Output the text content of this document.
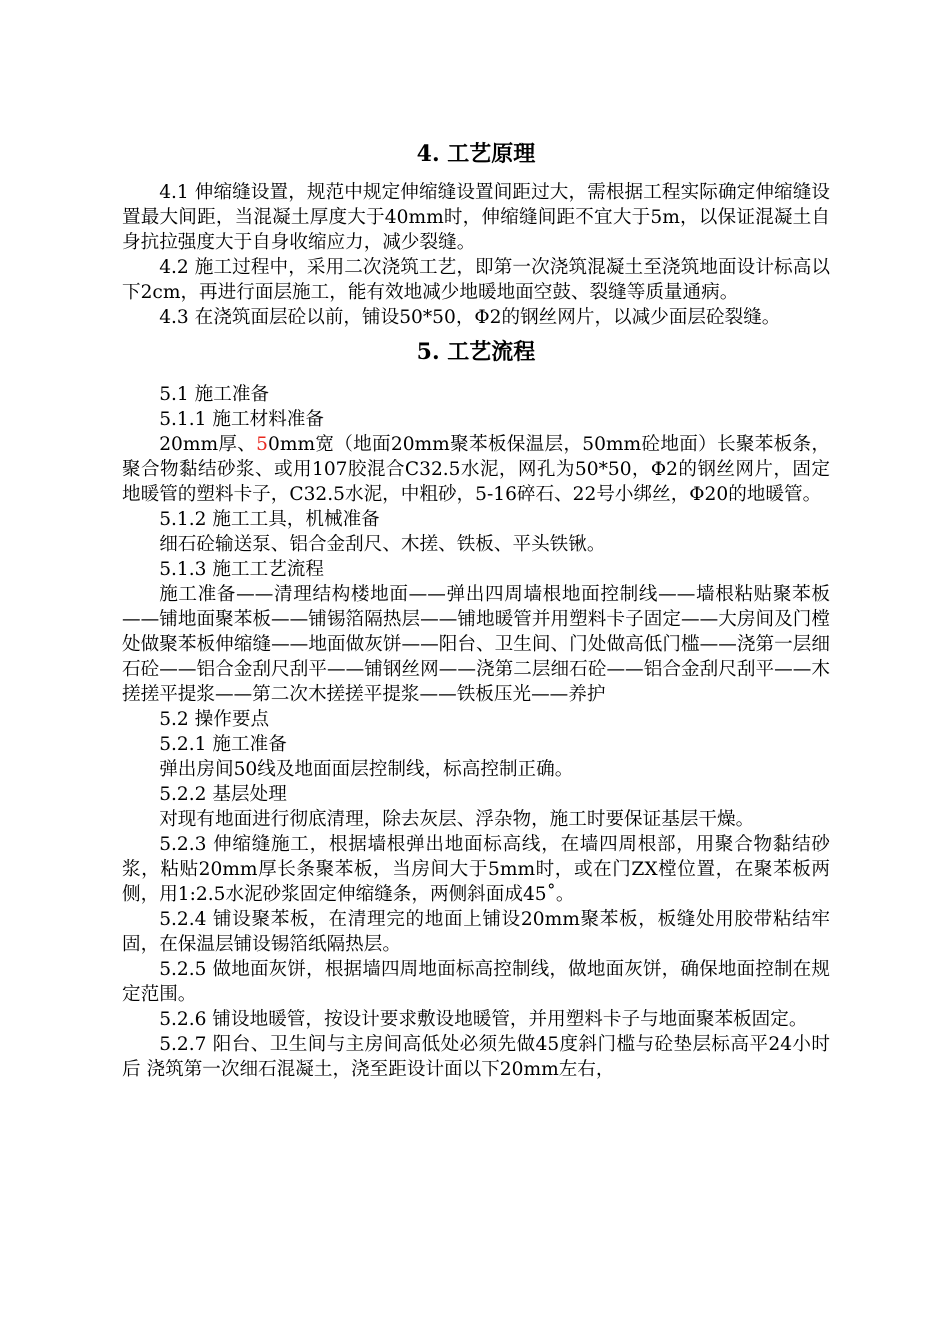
4. 工艺原理

4.1 伸缩缝设置，规范中规定伸缩缝设置间距过大，需根据工程实际确定伸缩缝设置最大间距，当混凝土厚度大于40mm时，伸缩缝间距不宜大于5m，以保证混凝土自身抗拉强度大于自身收缩应力，减少裂缝。

4.2 施工过程中，采用二次浇筑工艺，即第一次浇筑混凝土至浇筑地面设计标高以下2cm，再进行面层施工，能有效地减少地暖地面空鼓、裂缝等质量通病。

4.3 在浇筑面层砼以前，铺设50*50，Φ2的钢丝网片，以减少面层砼裂缝。

5. 工艺流程

5.1 施工准备

5.1.1 施工材料准备

20mm厚、50mm宽（地面20mm聚苯板保温层，50mm砼地面）长聚苯板条，聚合物黏结砂浆、或用107胶混合C32.5水泥，网孔为50*50，Φ2的钢丝网片，固定地暖管的塑料卡子，C32.5水泥，中粗砂，5-16碎石、22号小绑丝，Φ20的地暖管。

5.1.2 施工工具，机械准备

细石砼输送泵、铝合金刮尺、木搓、铁板、平头铁锹。

5.1.3 施工工艺流程

施工准备——清理结构楼地面——弹出四周墙根地面控制线——墙根粘贴聚苯板——铺地面聚苯板——铺锡箔隔热层——铺地暖管并用塑料卡子固定——大房间及门樘处做聚苯板伸缩缝——地面做灰饼——阳台、卫生间、门处做高低门槛——浇第一层细石砼——铝合金刮尺刮平——铺钢丝网——浇第二层细石砼——铝合金刮尺刮平——木搓搓平提浆——第二次木搓搓平提浆——铁板压光——养护

5.2 操作要点

5.2.1 施工准备

弹出房间50线及地面面层控制线，标高控制正确。

5.2.2 基层处理

对现有地面进行彻底清理，除去灰层、浮杂物，施工时要保证基层干燥。

5.2.3 伸缩缝施工，根据墙根弹出地面标高线，在墙四周根部，用聚合物黏结砂浆，粘贴20mm厚长条聚苯板，当房间大于5mm时，或在门ZX樘位置，在聚苯板两侧，用1:2.5水泥砂浆固定伸缩缝条，两侧斜面成45˚。

5.2.4 铺设聚苯板，在清理完的地面上铺设20mm聚苯板，板缝处用胶带粘结牢固，在保温层铺设锡箔纸隔热层。

5.2.5 做地面灰饼，根据墙四周地面标高控制线，做地面灰饼，确保地面控制在规定范围。

5.2.6 铺设地暖管，按设计要求敷设地暖管，并用塑料卡子与地面聚苯板固定。

5.2.7 阳台、卫生间与主房间高低处必须先做45度斜门槛与砼垫层标高平24小时后 浇筑第一次细石混凝土，浇至距设计面以下20mm左右，
